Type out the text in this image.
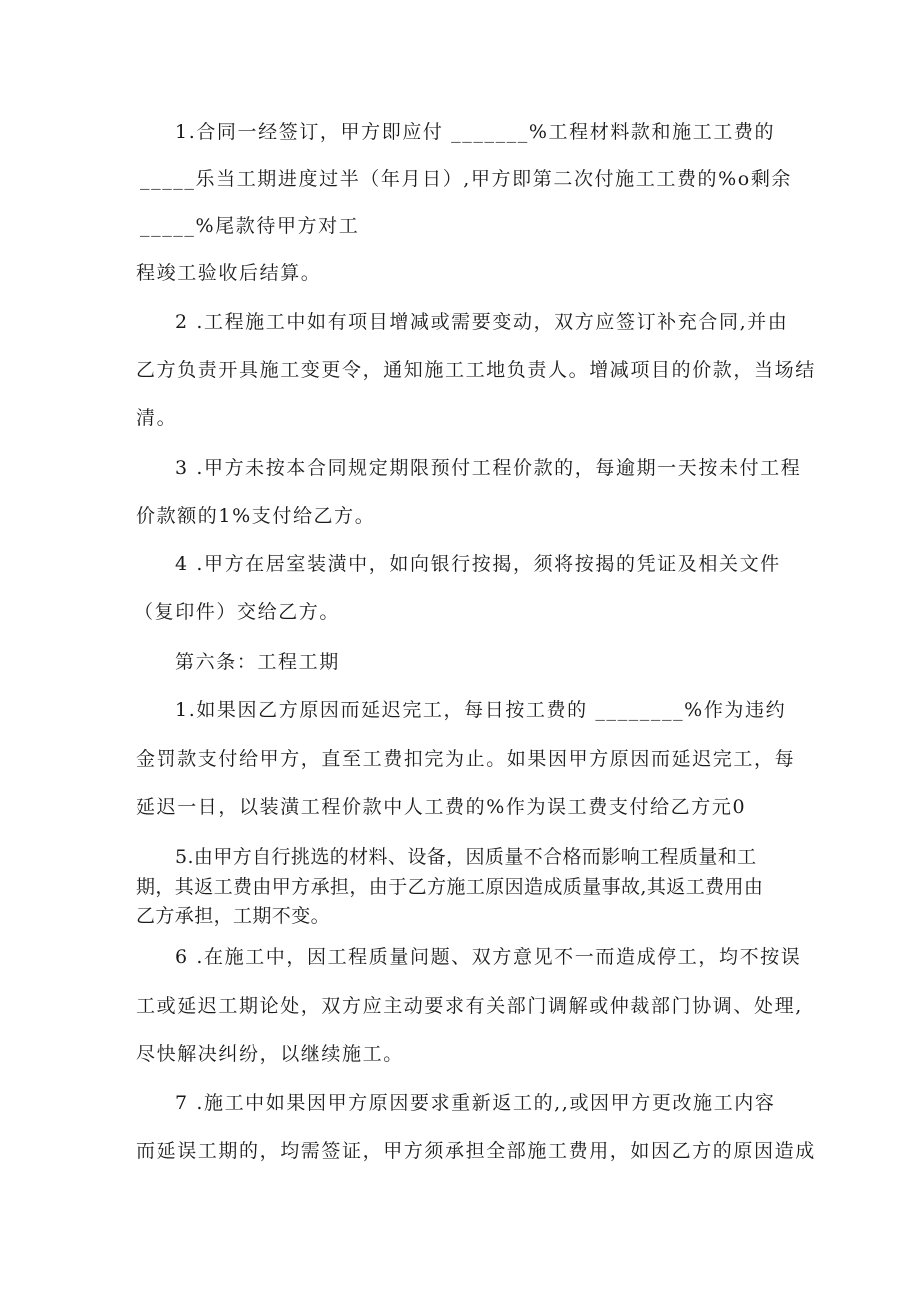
1.合同一经签订，甲方即应付 _______%工程材料款和施工工费的
_____乐当工期进度过半（年月日）,甲方即第二次付施工工费的%o剩余
_____%尾款待甲方对工
程竣工验收后结算。
2 .工程施工中如有项目增减或需要变动，双方应签订补充合同,并由
乙方负责开具施工变更令，通知施工工地负责人。增减项目的价款，当场结
清。
3 .甲方未按本合同规定期限预付工程价款的，每逾期一天按未付工程
价款额的1%支付给乙方。
4 .甲方在居室装潢中，如向银行按揭，须将按揭的凭证及相关文件
（复印件）交给乙方。
第六条：工程工期
1.如果因乙方原因而延迟完工，每日按工费的 ________%作为违约
金罚款支付给甲方，直至工费扣完为止。如果因甲方原因而延迟完工，每
延迟一日，以装潢工程价款中人工费的%作为误工费支付给乙方元0
5.由甲方自行挑选的材料、设备，因质量不合格而影响工程质量和工
期，其返工费由甲方承担，由于乙方施工原因造成质量事故,其返工费用由
乙方承担，工期不变。
6 .在施工中，因工程质量问题、双方意见不一而造成停工，均不按误
工或延迟工期论处，双方应主动要求有关部门调解或仲裁部门协调、处理,
尽快解决纠纷，以继续施工。
7 .施工中如果因甲方原因要求重新返工的,,或因甲方更改施工内容
而延误工期的，均需签证，甲方须承担全部施工费用，如因乙方的原因造成
